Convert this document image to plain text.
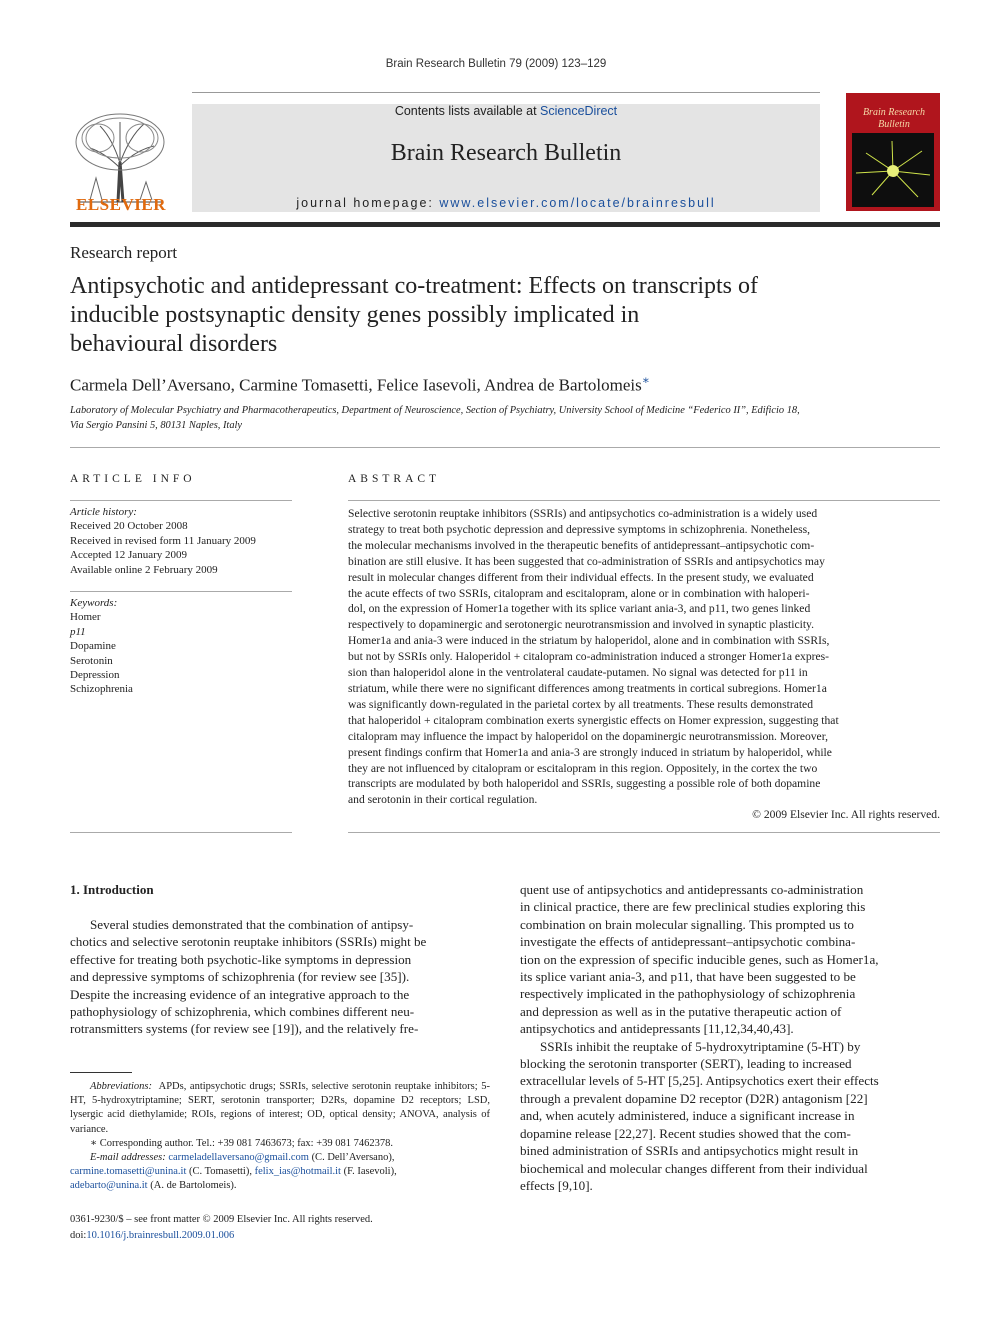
Brain Research Bulletin 79 (2009) 123–129
ELSEVIER
Contents lists available at ScienceDirect
Brain Research Bulletin
journal homepage: www.elsevier.com/locate/brainresbull
Brain Research
Bulletin
Research report
Antipsychotic and antidepressant co-treatment: Effects on transcripts of
inducible postsynaptic density genes possibly implicated in
behavioural disorders
Carmela Dell’Aversano, Carmine Tomasetti, Felice Iasevoli, Andrea de Bartolomeis∗
Laboratory of Molecular Psychiatry and Pharmacotherapeutics, Department of Neuroscience, Section of Psychiatry, University School of Medicine “Federico II”, Edificio 18,
Via Sergio Pansini 5, 80131 Naples, Italy
ARTICLE INFO
Article history:
Received 20 October 2008
Received in revised form 11 January 2009
Accepted 12 January 2009
Available online 2 February 2009
Keywords:
Homer
p11
Dopamine
Serotonin
Depression
Schizophrenia
ABSTRACT
Selective serotonin reuptake inhibitors (SSRIs) and antipsychotics co-administration is a widely used
strategy to treat both psychotic depression and depressive symptoms in schizophrenia. Nonetheless,
the molecular mechanisms involved in the therapeutic benefits of antidepressant–antipsychotic com-
bination are still elusive. It has been suggested that co-administration of SSRIs and antipsychotics may
result in molecular changes different from their individual effects. In the present study, we evaluated
the acute effects of two SSRIs, citalopram and escitalopram, alone or in combination with haloperi-
dol, on the expression of Homer1a together with its splice variant ania-3, and p11, two genes linked
respectively to dopaminergic and serotonergic neurotransmission and involved in synaptic plasticity.
Homer1a and ania-3 were induced in the striatum by haloperidol, alone and in combination with SSRIs,
but not by SSRIs only. Haloperidol + citalopram co-administration induced a stronger Homer1a expres-
sion than haloperidol alone in the ventrolateral caudate-putamen. No signal was detected for p11 in
striatum, while there were no significant differences among treatments in cortical subregions. Homer1a
was significantly down-regulated in the parietal cortex by all treatments. These results demonstrated
that haloperidol + citalopram combination exerts synergistic effects on Homer expression, suggesting that
citalopram may influence the impact by haloperidol on the dopaminergic neurotransmission. Moreover,
present findings confirm that Homer1a and ania-3 are strongly induced in striatum by haloperidol, while
they are not influenced by citalopram or escitalopram in this region. Oppositely, in the cortex the two
transcripts are modulated by both haloperidol and SSRIs, suggesting a possible role of both dopamine
and serotonin in their cortical regulation.
© 2009 Elsevier Inc. All rights reserved.
1. Introduction
Several studies demonstrated that the combination of antipsy-
chotics and selective serotonin reuptake inhibitors (SSRIs) might be
effective for treating both psychotic-like symptoms in depression
and depressive symptoms of schizophrenia (for review see [35]).
Despite the increasing evidence of an integrative approach to the
pathophysiology of schizophrenia, which combines different neu-
rotransmitters systems (for review see [19]), and the relatively fre-
quent use of antipsychotics and antidepressants co-administration
in clinical practice, there are few preclinical studies exploring this
combination on brain molecular signalling. This prompted us to
investigate the effects of antidepressant–antipsychotic combina-
tion on the expression of specific inducible genes, such as Homer1a,
its splice variant ania-3, and p11, that have been suggested to be
respectively implicated in the pathophysiology of schizophrenia
and depression as well as in the putative therapeutic action of
antipsychotics and antidepressants [11,12,34,40,43].
SSRIs inhibit the reuptake of 5-hydroxytriptamine (5-HT) by
blocking the serotonin transporter (SERT), leading to increased
extracellular levels of 5-HT [5,25]. Antipsychotics exert their effects
through a prevalent dopamine D2 receptor (D2R) antagonism [22]
and, when acutely administered, induce a significant increase in
dopamine release [22,27]. Recent studies showed that the com-
bined administration of SSRIs and antipsychotics might result in
biochemical and molecular changes different from their individual
effects [9,10].

Abbreviations: APDs, antipsychotic drugs; SSRIs, selective serotonin reuptake inhibitors; 5-HT, 5-hydroxytriptamine; SERT, serotonin transporter; D2Rs, dopamine D2 receptors; LSD, lysergic acid diethylamide; ROIs, regions of interest; OD, optical density; ANOVA, analysis of variance.

∗ Corresponding author. Tel.: +39 081 7463673; fax: +39 081 7462378.

E-mail addresses: carmeladellaversano@gmail.com (C. Dell’Aversano),

carmine.tomasetti@unina.it (C. Tomasetti), felix_ias@hotmail.it (F. Iasevoli),

adebarto@unina.it (A. de Bartolomeis).

0361-9230/$ – see front matter © 2009 Elsevier Inc. All rights reserved.
doi:10.1016/j.brainresbull.2009.01.006
